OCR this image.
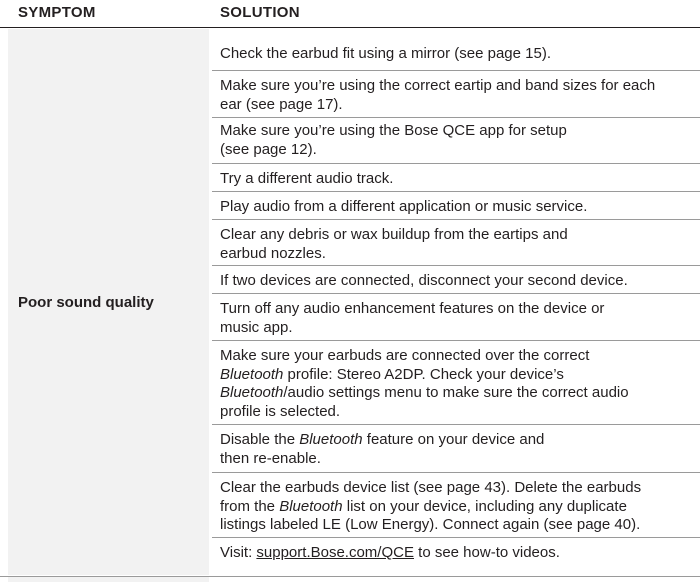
SYMPTOM	SOLUTION
Poor sound quality
Check the earbud fit using a mirror (see page 15).
Make sure you’re using the correct eartip and band sizes for each
ear (see page 17).
Make sure you’re using the Bose QCE app for setup
(see page 12).
Try a different audio track.
Play audio from a different application or music service.
Clear any debris or wax buildup from the eartips and
earbud nozzles.
If two devices are connected, disconnect your second device.
Turn off any audio enhancement features on the device or
music app.
Make sure your earbuds are connected over the correct
Bluetooth profile: Stereo A2DP. Check your device’s
Bluetooth/audio settings menu to make sure the correct audio
profile is selected.
Disable the Bluetooth feature on your device and
then re-enable.
Clear the earbuds device list (see page 43). Delete the earbuds
from the Bluetooth list on your device, including any duplicate
listings labeled LE (Low Energy). Connect again (see page 40).
Visit: support.Bose.com/QCE to see how-to videos.
